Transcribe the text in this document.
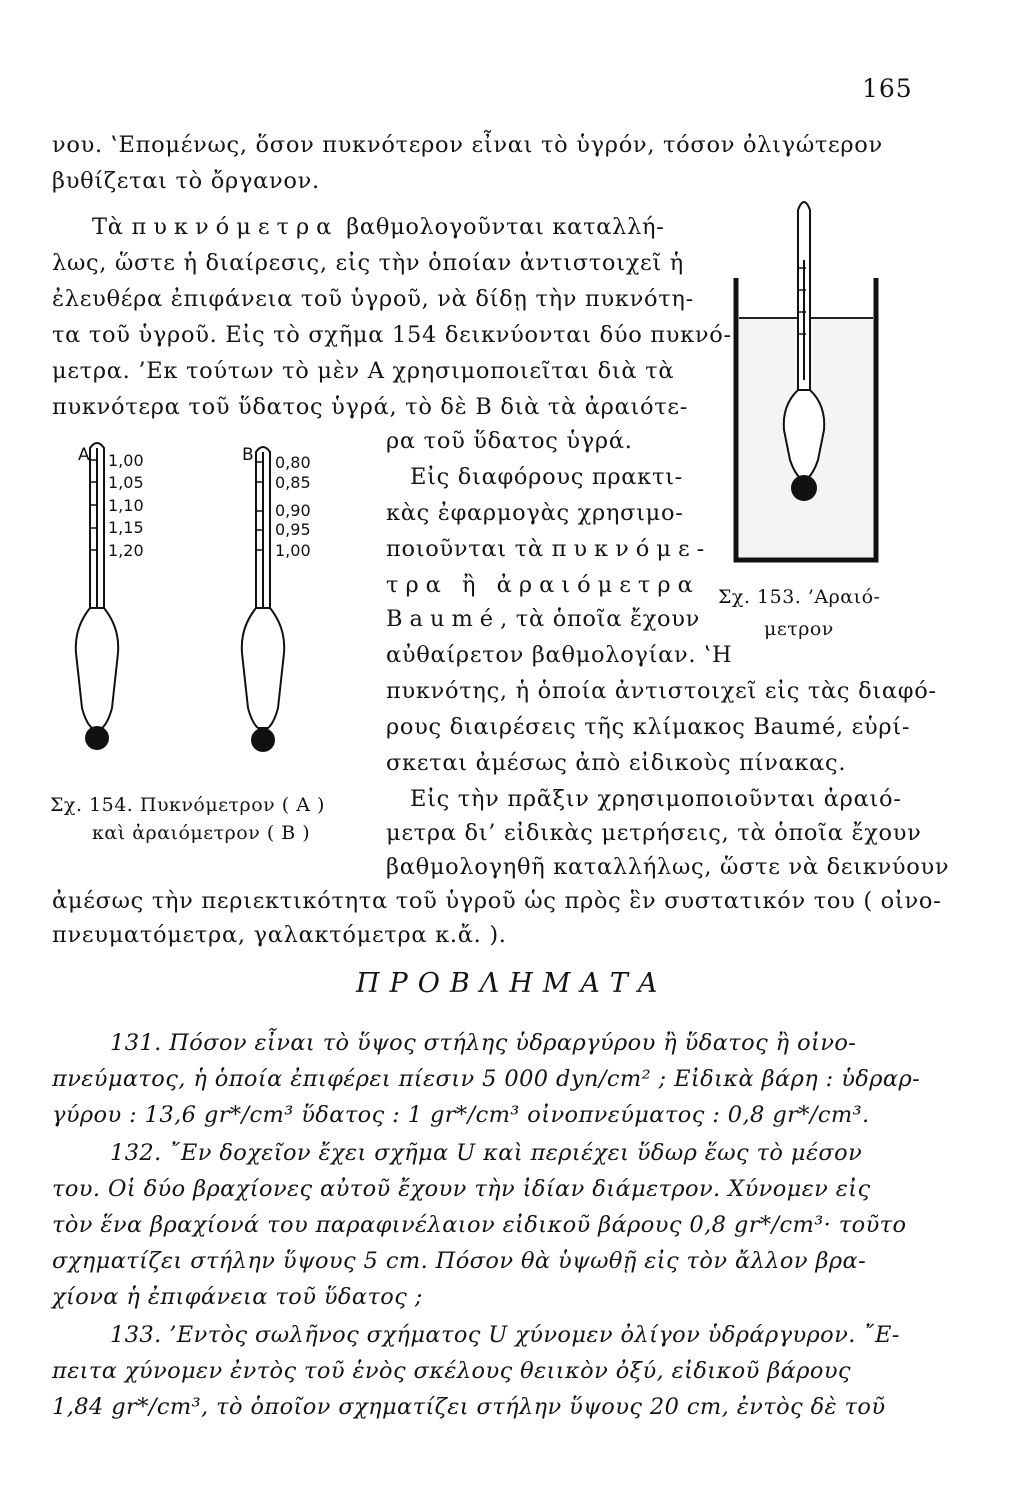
165
νου. ‛Επομένως, ὅσον πυκνότερον εἶναι τὸ ὑγρόν, τόσον ὀλιγώτερον
βυθίζεται τὸ ὄργανον.
Τὰ πυκνόμετρα βαθμολογοῦνται καταλλή-
λως, ὥστε ἡ διαίρεσις, εἰς τὴν ὁποίαν ἀντιστοιχεῖ ἡ
ἐλευθέρα ἐπιφάνεια τοῦ ὑγροῦ, νὰ δίδῃ τὴν πυκνότη-
τα τοῦ ὑγροῦ. Εἰς τὸ σχῆμα 154 δεικνύονται δύο πυκνό-
μετρα. ’Εκ τούτων τὸ μὲν Α χρησιμοποιεῖται διὰ τὰ
πυκνότερα τοῦ ὕδατος ὑγρά, τὸ δὲ Β διὰ τὰ ἀραιότε-
ρα τοῦ ὕδατος ὑγρά.
Εἰς διαφόρους πρακτι-
κὰς ἐφαρμογὰς χρησιμο-
ποιοῦνται τὰ πυκνόμε-
τρα ἢ ἀραιόμετρα
Baumé, τὰ ὁποῖα ἔχουν
αὐθαίρετον βαθμολογίαν. ‛Η
πυκνότης, ἡ ὁποία ἀντιστοιχεῖ εἰς τὰς διαφό-
ρους διαιρέσεις τῆς κλίμακος Baumé, εὑρί-
σκεται ἀμέσως ἀπὸ εἰδικοὺς πίνακας.
Εἰς τὴν πρᾶξιν χρησιμοποιοῦνται ἀραιό-
μετρα δι’ εἰδικὰς μετρήσεις, τὰ ὁποῖα ἔχουν
βαθμολογηθῆ καταλλήλως, ὥστε νὰ δεικνύουν
ἀμέσως τὴν περιεκτικότητα τοῦ ὑγροῦ ὡς πρὸς ἓν συστατικόν του ( οἰνο-
πνευματόμετρα, γαλακτόμετρα κ.ἄ. ).
Σχ. 153. ’Αραιό-
μετρον
A 1,00
1,05
1,10
1,15
1,20
B 0,80
0,85
0,90
0,95
1,00
Σχ. 154. Πυκνόμετρον ( Α )
καὶ ἀραιόμετρον ( Β )
ΠΡΟΒΛΗΜΑΤΑ
131. Πόσον εἶναι τὸ ὕψος στήλης ὑδραργύρου ἢ ὕδατος ἢ οἰνο-
πνεύματος, ἡ ὁποία ἐπιφέρει πίεσιν 5 000 dyn/cm² ; Εἰδικὰ βάρη : ὑδραρ-
γύρου : 13,6 gr*/cm³ ὕδατος : 1 gr*/cm³ οἰνοπνεύματος : 0,8 gr*/cm³.
132. ῎Εν δοχεῖον ἔχει σχῆμα U καὶ περιέχει ὕδωρ ἕως τὸ μέσον
του. Οἱ δύο βραχίονες αὐτοῦ ἔχουν τὴν ἰδίαν διάμετρον. Χύνομεν εἰς
τὸν ἕνα βραχίονά του παραφινέλαιον εἰδικοῦ βάρους 0,8 gr*/cm³· τοῦτο
σχηματίζει στήλην ὕψους 5 cm. Πόσον θὰ ὑψωθῇ εἰς τὸν ἄλλον βρα-
χίονα ἡ ἐπιφάνεια τοῦ ὕδατος ;
133. ’Εντὸς σωλῆνος σχήματος U χύνομεν ὀλίγον ὑδράργυρον. ῎Ε-
πειτα χύνομεν ἐντὸς τοῦ ἑνὸς σκέλους θειικὸν ὀξύ, εἰδικοῦ βάρους
1,84 gr*/cm³, τὸ ὁποῖον σχηματίζει στήλην ὕψους 20 cm, ἐντὸς δὲ τοῦ
